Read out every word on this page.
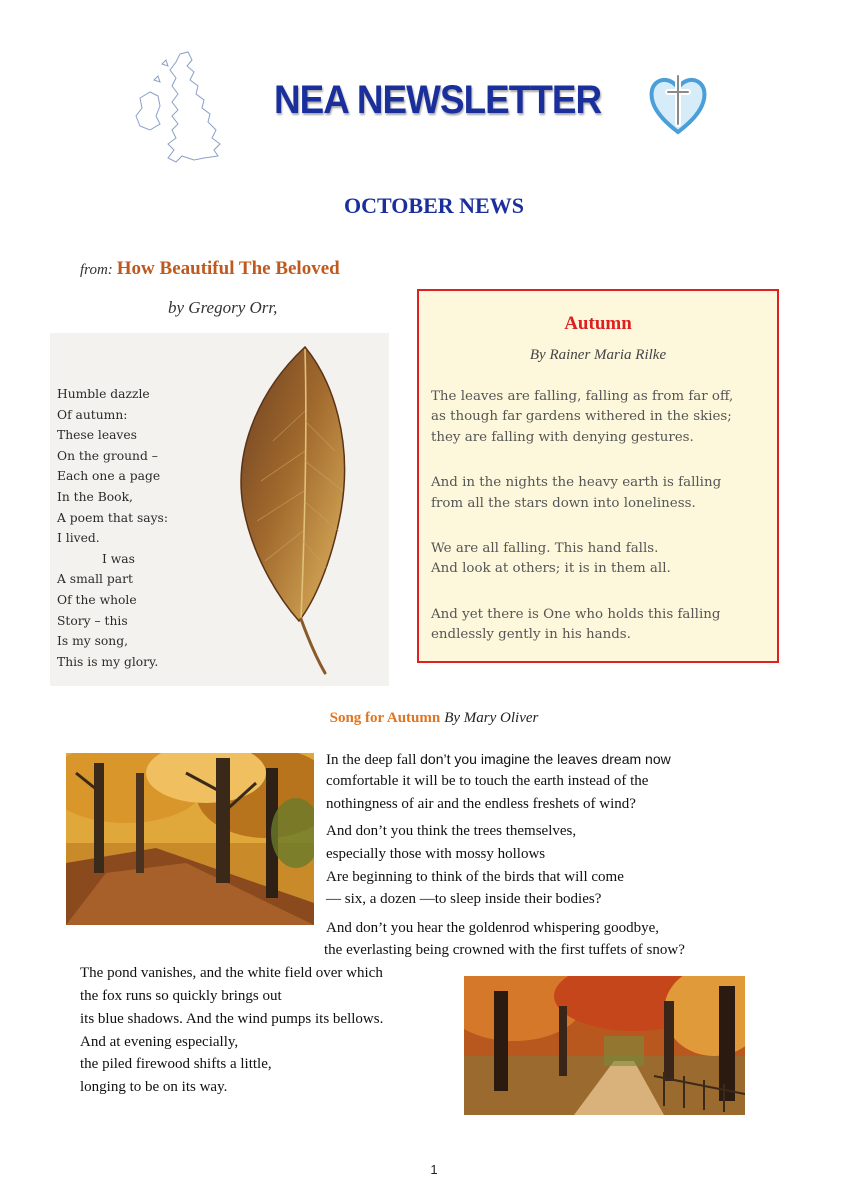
NEA NEWSLETTER
OCTOBER NEWS
from: How Beautiful The Beloved
by Gregory Orr,
Humble dazzle
Of autumn:
These leaves
On the ground –
Each one a page
In the Book,
A poem that says:
I lived.
I was
A small part
Of the whole
Story – this
Is my song,
This is my glory.
Autumn
By Rainer Maria Rilke
The leaves are falling, falling as from far off,
as though far gardens withered in the skies;
they are falling with denying gestures.
And in the nights the heavy earth is falling
from all the stars down into loneliness.
We are all falling. This hand falls.
And look at others; it is in them all.
And yet there is One who holds this falling
endlessly gently in his hands.
Song for Autumn By Mary Oliver
In the deep fall don’t you imagine the leaves dream now
comfortable it will be to touch the earth instead of the
nothingness of air and the endless freshets of wind?
And don’t you think the trees themselves,
especially those with mossy hollows
Are beginning to think of the birds that will come
— six, a dozen —to sleep inside their bodies?
And don’t you hear the goldenrod whispering goodbye,
the everlasting being crowned with the first tuffets of snow?
The pond vanishes, and the white field over which
the fox runs so quickly brings out
its blue shadows. And the wind pumps its bellows.
And at evening especially,
the piled firewood shifts a little,
longing to be on its way.
1
